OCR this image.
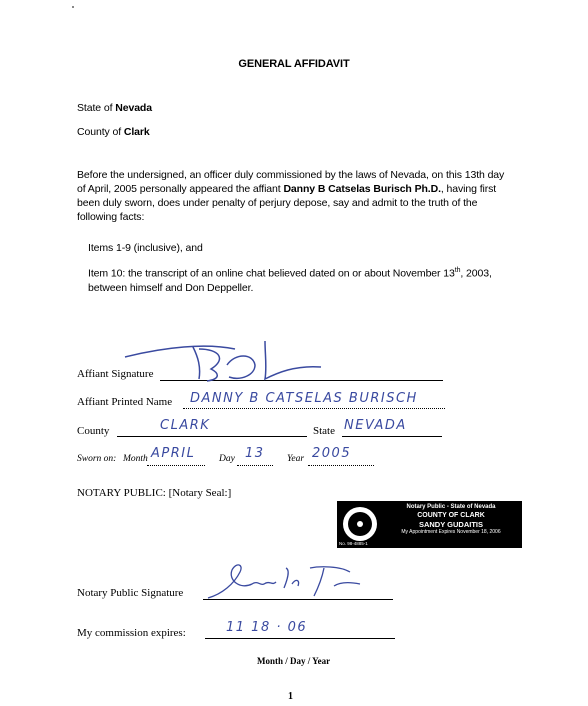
GENERAL AFFIDAVIT
State of Nevada
County of Clark
Before the undersigned, an officer duly commissioned by the laws of Nevada, on this 13th day of April, 2005 personally appeared the affiant Danny B Catselas Burisch Ph.D., having first been duly sworn, does under penalty of perjury depose, say and admit to the truth of the following facts:
Items 1-9 (inclusive), and
Item 10: the transcript of an online chat believed dated on or about November 13th, 2003, between himself and Don Deppeller.
Affiant Signature
Affiant Printed Name DANNY B CATSELAS BURISCH
County	CLARK	State NEVADA
Sworn on: Month APRIL Day 13 Year 2005
NOTARY PUBLIC: [Notary Seal:]
Notary Public - State of Nevada
COUNTY OF CLARK
SANDY GUDAITIS
My Appointment Expires November 18, 2006
No. 98-4885-1
Notary Public Signature
My commission expires:	11 18 · 06
Month / Day / Year
1
